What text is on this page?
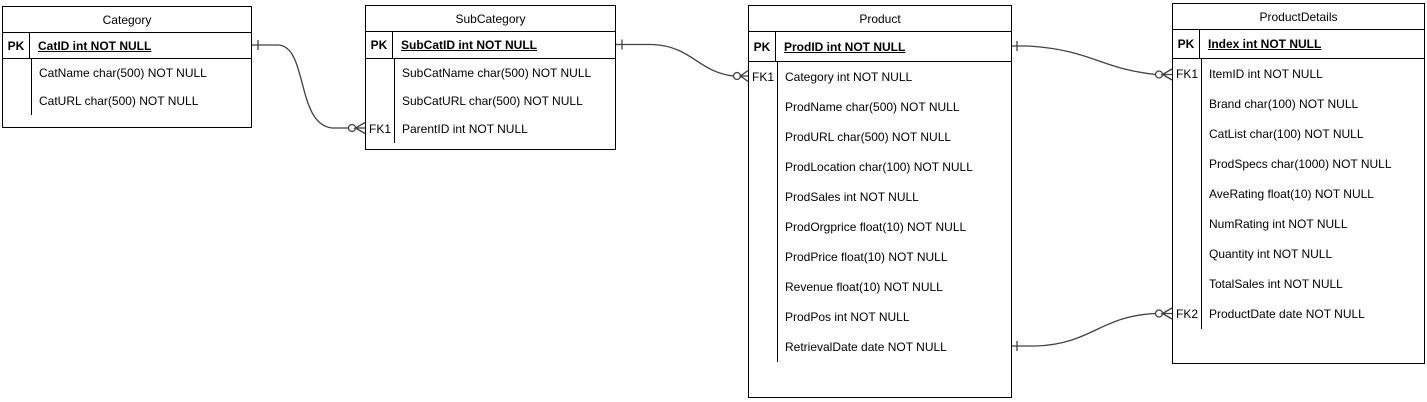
Category
PK	CatID int NOT NULL
CatName char(500) NOT NULL
CatURL char(500) NOT NULL
SubCategory
PK	SubCatID int NOT NULL
SubCatName char(500) NOT NULL
SubCatURL char(500) NOT NULL
FK1 ParentID int NOT NULL
Product
PK	ProdID int NOT NULL
FK1 Category int NOT NULL
ProdName char(500) NOT NULL
ProdURL char(500) NOT NULL
ProdLocation char(100) NOT NULL
ProdSales int NOT NULL
ProdOrgprice float(10) NOT NULL
ProdPrice float(10) NOT NULL
Revenue float(10) NOT NULL
ProdPos int NOT NULL
RetrievalDate date NOT NULL
ProductDetails
PK	Index int NOT NULL
FK1 ItemID int NOT NULL
Brand char(100) NOT NULL
CatList char(100) NOT NULL
ProdSpecs char(1000) NOT NULL
AveRating float(10) NOT NULL
NumRating int NOT NULL
Quantity int NOT NULL
TotalSales int NOT NULL
FK2 ProductDate date NOT NULL
